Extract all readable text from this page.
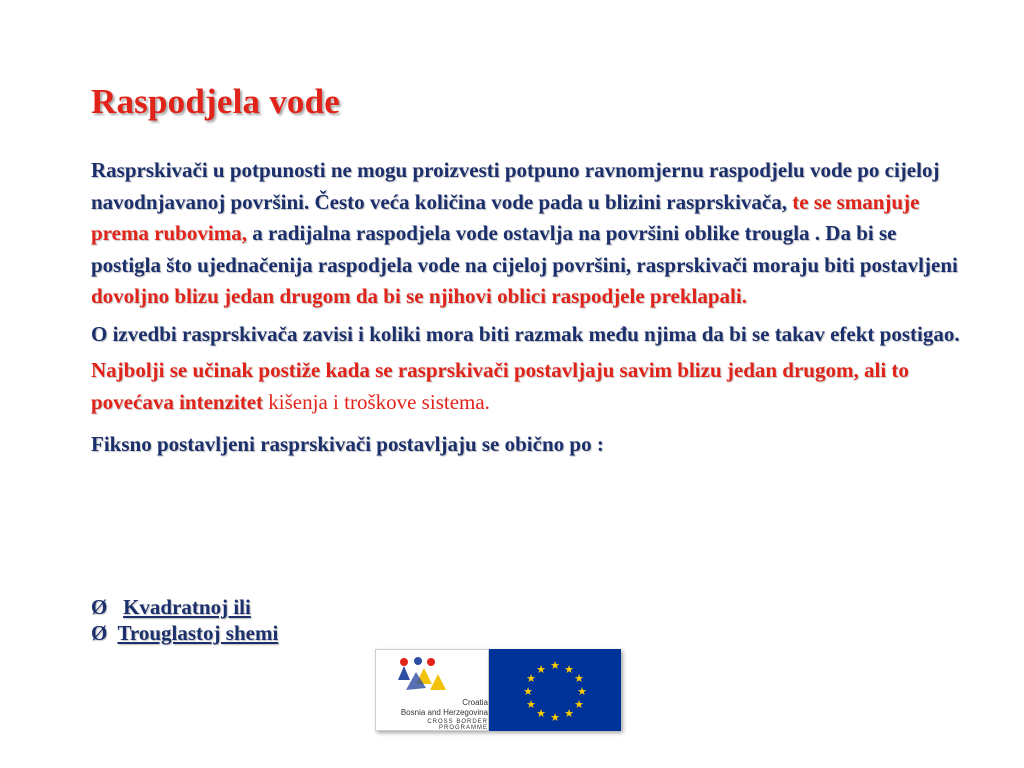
Raspodjela vode

Rasprskivači u potpunosti ne mogu proizvesti potpuno ravnomjernu raspodjelu vode po cijeloj navodnjavanoj površini. Često veća količina vode pada u blizini rasprskivača, te se smanjuje prema rubovima, a radijalna raspodjela vode ostavlja na površini oblike trougla . Da bi se postigla što ujednačenija raspodjela vode na cijeloj površini, rasprskivači moraju biti postavljeni dovoljno blizu jedan drugom da bi se njihovi oblici raspodjele preklapali.

O izvedbi rasprskivača zavisi i koliki mora biti razmak među njima da bi se takav efekt postigao.

Najbolji se učinak postiže kada se rasprskivači postavljaju savim blizu jedan drugom, ali to povećava intenzitet kišenja i troškove sistema.

Fiksno postavljeni rasprskivači postavljaju se obično po :

Ø Kvadratnoj ili
Ø Trouglastoj shemi
Croatia
Bosnia and Herzegovina
CROSS BORDER PROGRAMME
★ ★
★
★
★
★
★
★
★
★
★
★
